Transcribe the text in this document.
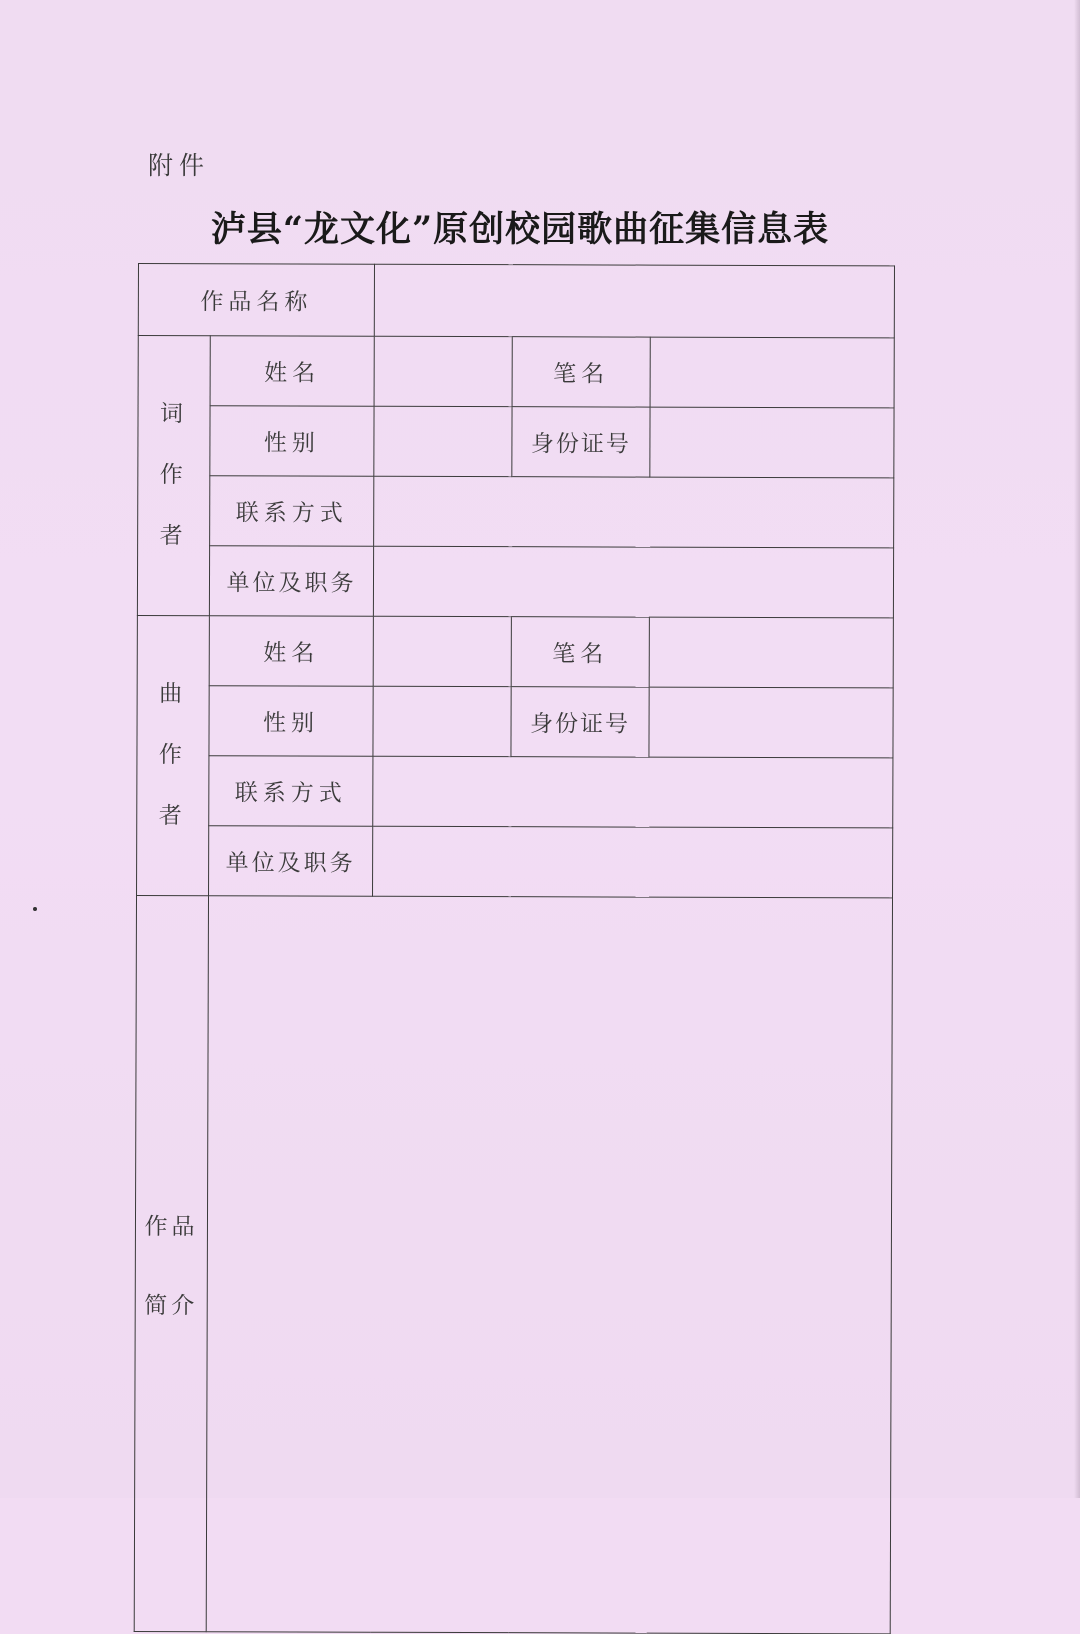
附件
泸县“龙文化”原创校园歌曲征集信息表
作品名称				

词
作
者	姓名		笔名	
	性别		身份证号	
	联系方式			
	单位及职务			

曲
作
者	姓名		笔名	
	性别		身份证号	
	联系方式			
	单位及职务			

作品
简介				
